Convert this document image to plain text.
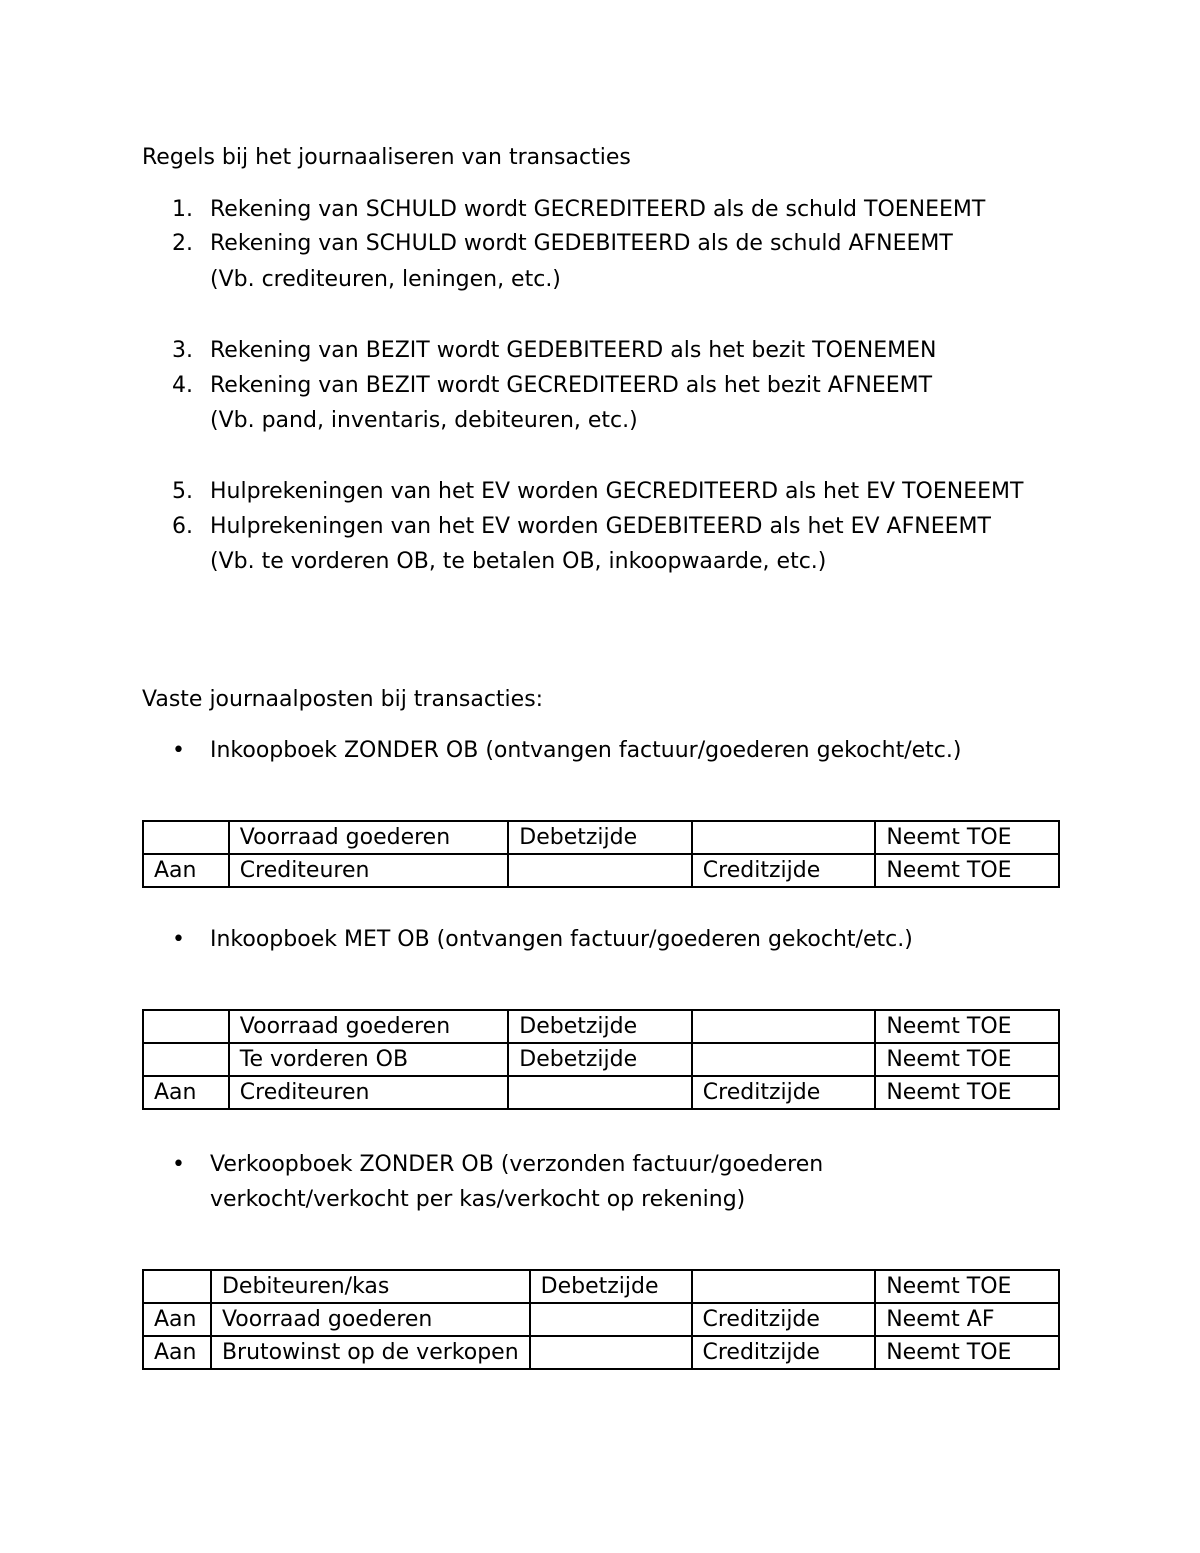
Regels bij het journaaliseren van transacties
1. Rekening van SCHULD wordt GECREDITEERD als de schuld TOENEEMT
2. Rekening van SCHULD wordt GEDEBITEERD als de schuld AFNEEMT
(Vb. crediteuren, leningen, etc.)
3. Rekening van BEZIT wordt GEDEBITEERD als het bezit TOENEMEN
4. Rekening van BEZIT wordt GECREDITEERD als het bezit AFNEEMT
(Vb. pand, inventaris, debiteuren, etc.)
5. Hulprekeningen van het EV worden GECREDITEERD als het EV TOENEEMT
6. Hulprekeningen van het EV worden GEDEBITEERD als het EV AFNEEMT
(Vb. te vorderen OB, te betalen OB, inkoopwaarde, etc.)
Vaste journaalposten bij transacties:
•	Inkoopboek ZONDER OB (ontvangen factuur/goederen gekocht/etc.)
	Voorraad goederen	Debetzijde		Neemt TOE
Aan	Crediteuren		Creditzijde	Neemt TOE
•	Inkoopboek MET OB (ontvangen factuur/goederen gekocht/etc.)
	Voorraad goederen	Debetzijde		Neemt TOE
	Te vorderen OB	Debetzijde		Neemt TOE
Aan	Crediteuren		Creditzijde	Neemt TOE
•	Verkoopboek ZONDER OB (verzonden factuur/goederen verkocht/verkocht per kas/verkocht op rekening)
	Debiteuren/kas	Debetzijde		Neemt TOE
Aan	Voorraad goederen		Creditzijde	Neemt AF
Aan	Brutowinst op de verkopen		Creditzijde	Neemt TOE
